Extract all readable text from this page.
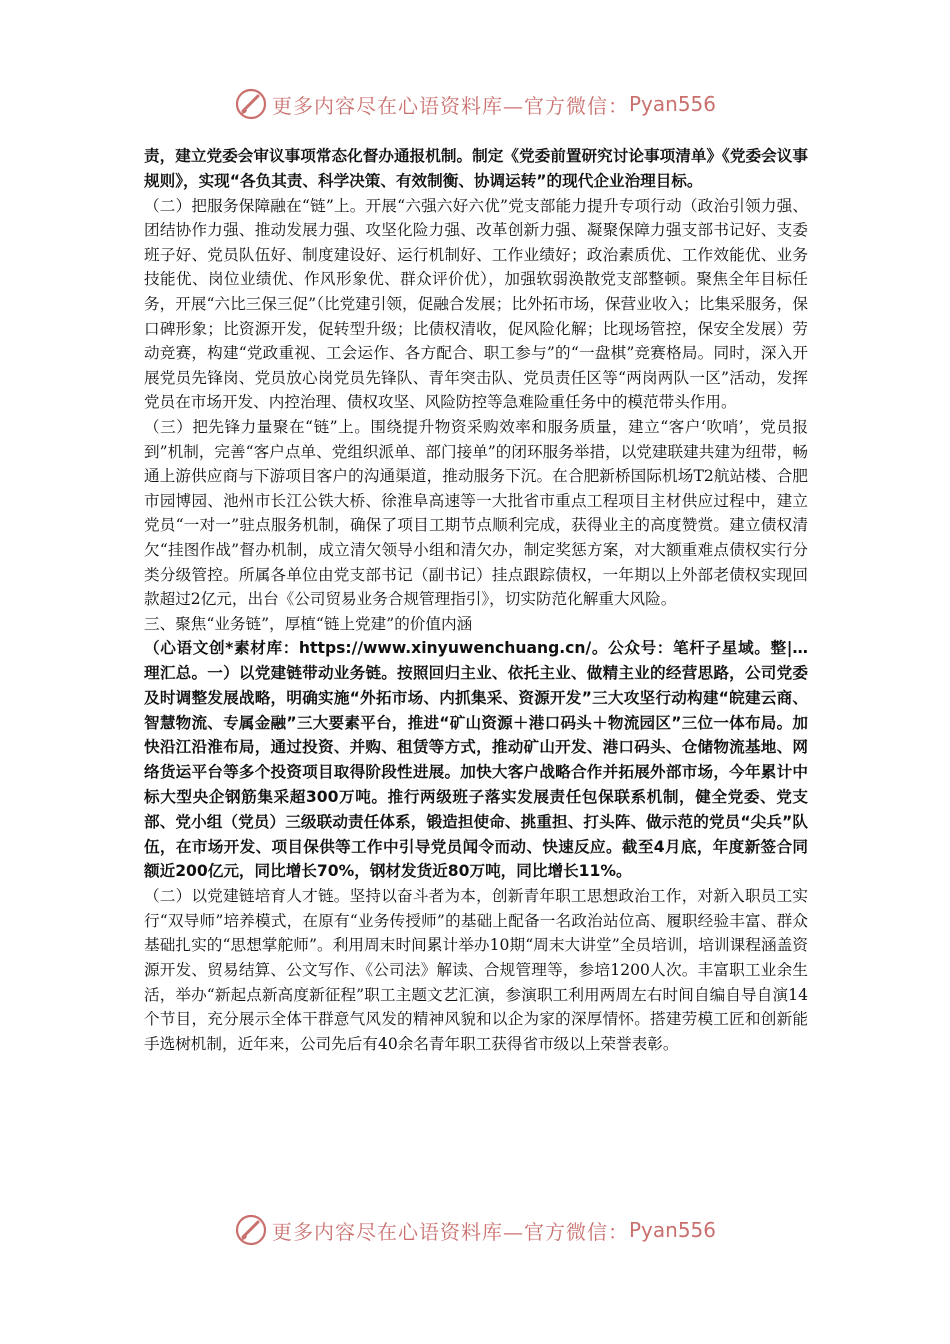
更多内容尽在心语资料库—官方微信： Pyan556

责，建立党委会审议事项常态化督办通报机制。制定《党委前置研究讨论事项清单》《党委会议事规则》，实现“各负其责、科学决策、有效制衡、协调运转”的现代企业治理目标。

（二）把服务保障融在“链”上。开展“六强六好六优”党支部能力提升专项行动（政治引领力强、团结协作力强、推动发展力强、攻坚化险力强、改革创新力强、凝聚保障力强支部书记好、支委班子好、党员队伍好、制度建设好、运行机制好、工作业绩好；政治素质优、工作效能优、业务技能优、岗位业绩优、作风形象优、群众评价优），加强软弱涣散党支部整顿。聚焦全年目标任务，开展“六比三保三促”（比党建引领，促融合发展；比外拓市场，保营业收入；比集采服务，保口碑形象；比资源开发，促转型升级；比债权清收，促风险化解；比现场管控，保安全发展）劳动竞赛，构建“党政重视、工会运作、各方配合、职工参与”的“一盘棋”竞赛格局。同时，深入开展党员先锋岗、党员放心岗党员先锋队、青年突击队、党员责任区等“两岗两队一区”活动，发挥党员在市场开发、内控治理、债权攻坚、风险防控等急难险重任务中的模范带头作用。

（三）把先锋力量聚在“链”上。围绕提升物资采购效率和服务质量，建立“客户‘吹哨’，党员报到”机制，完善“客户点单、党组织派单、部门接单”的闭环服务举措，以党建联建共建为纽带，畅通上游供应商与下游项目客户的沟通渠道，推动服务下沉。在合肥新桥国际机场T2航站楼、合肥市园博园、池州市长江公铁大桥、徐淮阜高速等一大批省市重点工程项目主材供应过程中，建立党员“一对一”驻点服务机制，确保了项目工期节点顺利完成，获得业主的高度赞赏。建立债权清欠“挂图作战”督办机制，成立清欠领导小组和清欠办，制定奖惩方案，对大额重难点债权实行分类分级管控。所属各单位由党支部书记（副书记）挂点跟踪债权，一年期以上外部老债权实现回款超过2亿元，出台《公司贸易业务合规管理指引》，切实防范化解重大风险。

三、聚焦“业务链”，厚植“链上党建”的价值内涵

（心语文创*素材库：https://www.xinyuwenchuang.cn/。公众号：笔杆子星域。整|…理汇总。一）以党建链带动业务链。按照回归主业、依托主业、做精主业的经营思路，公司党委及时调整发展战略，明确实施“外拓市场、内抓集采、资源开发”三大攻坚行动构建“皖建云商、智慧物流、专属金融”三大要素平台，推进“矿山资源＋港口码头＋物流园区”三位一体布局。加快沿江沿淮布局，通过投资、并购、租赁等方式，推动矿山开发、港口码头、仓储物流基地、网络货运平台等多个投资项目取得阶段性进展。加快大客户战略合作并拓展外部市场，今年累计中标大型央企钢筋集采超300万吨。推行两级班子落实发展责任包保联系机制，健全党委、党支部、党小组（党员）三级联动责任体系，锻造担使命、挑重担、打头阵、做示范的党员“尖兵”队伍，在市场开发、项目保供等工作中引导党员闻令而动、快速反应。截至4月底，年度新签合同额近200亿元，同比增长70%，钢材发货近80万吨，同比增长11%。

（二）以党建链培育人才链。坚持以奋斗者为本，创新青年职工思想政治工作，对新入职员工实行“双导师”培养模式，在原有“业务传授师”的基础上配备一名政治站位高、履职经验丰富、群众基础扎实的“思想掌舵师”。利用周末时间累计举办10期“周末大讲堂”全员培训，培训课程涵盖资源开发、贸易结算、公文写作、《公司法》解读、合规管理等，参培1200人次。丰富职工业余生活，举办“新起点新高度新征程”职工主题文艺汇演，参演职工利用两周左右时间自编自导自演14个节目，充分展示全体干群意气风发的精神风貌和以企为家的深厚情怀。搭建劳模工匠和创新能手选树机制，近年来，公司先后有40余名青年职工获得省市级以上荣誉表彰。

更多内容尽在心语资料库—官方微信： Pyan556
